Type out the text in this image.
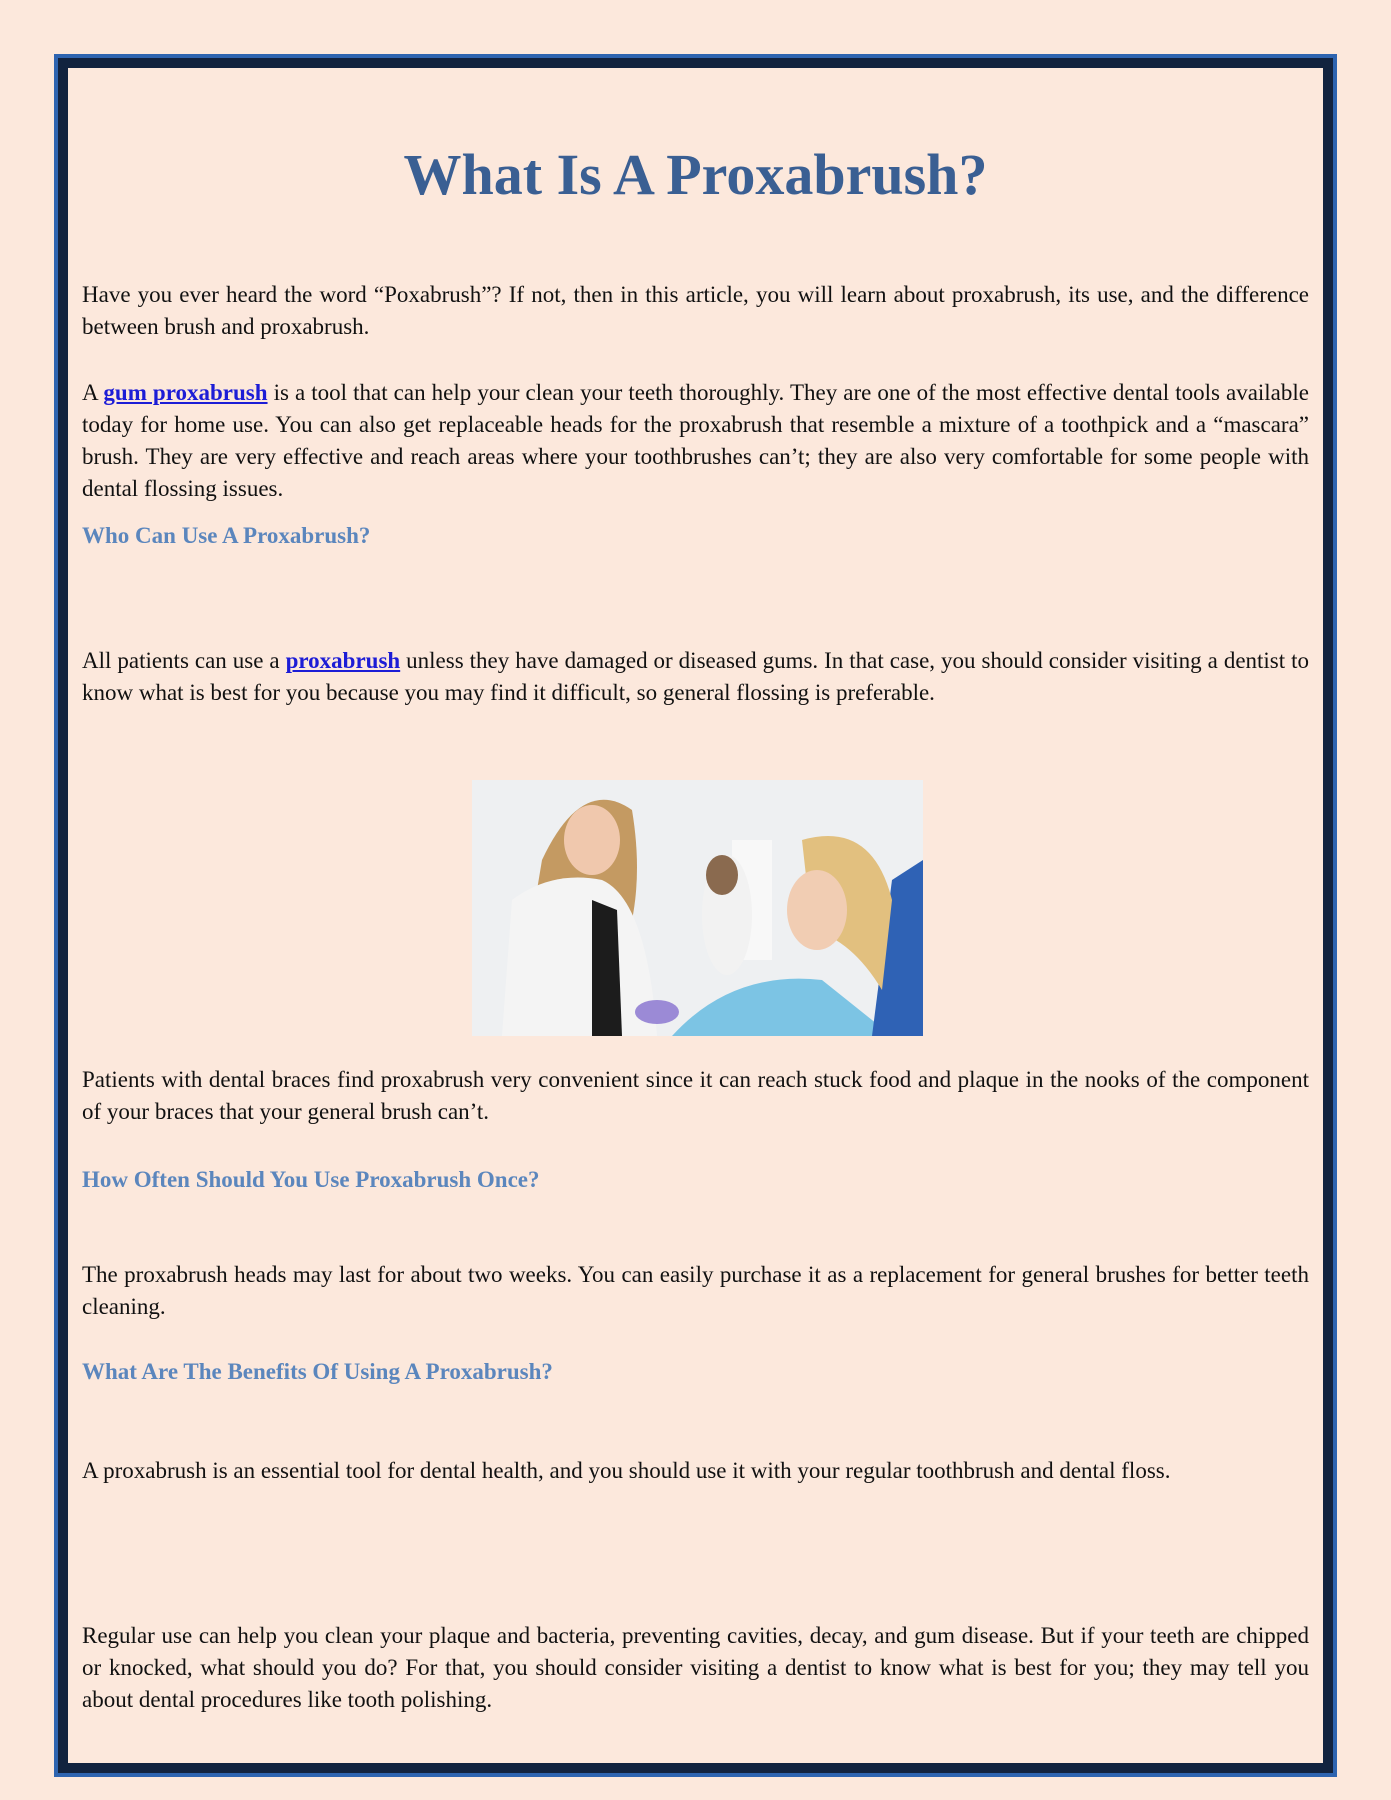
What Is A Proxabrush?

Have you ever heard the word “Poxabrush”? If not, then in this article, you will learn about proxabrush, its use, and the difference between brush and proxabrush.

A gum proxabrush is a tool that can help your clean your teeth thoroughly. They are one of the most effective dental tools available today for home use. You can also get replaceable heads for the proxabrush that resemble a mixture of a toothpick and a “mascara” brush. They are very effective and reach areas where your toothbrushes can’t; they are also very comfortable for some people with dental flossing issues.

Who Can Use A Proxabrush?

All patients can use a proxabrush unless they have damaged or diseased gums. In that case, you should consider visiting a dentist to know what is best for you because you may find it difficult, so general flossing is preferable.

Patients with dental braces find proxabrush very convenient since it can reach stuck food and plaque in the nooks of the component of your braces that your general brush can’t.

How Often Should You Use Proxabrush Once?

The proxabrush heads may last for about two weeks. You can easily purchase it as a replacement for general brushes for better teeth cleaning.

What Are The Benefits Of Using A Proxabrush?

A proxabrush is an essential tool for dental health, and you should use it with your regular toothbrush and dental floss.

Regular use can help you clean your plaque and bacteria, preventing cavities, decay, and gum disease. But if your teeth are chipped or knocked, what should you do? For that, you should consider visiting a dentist to know what is best for you; they may tell you about dental procedures like tooth polishing.
